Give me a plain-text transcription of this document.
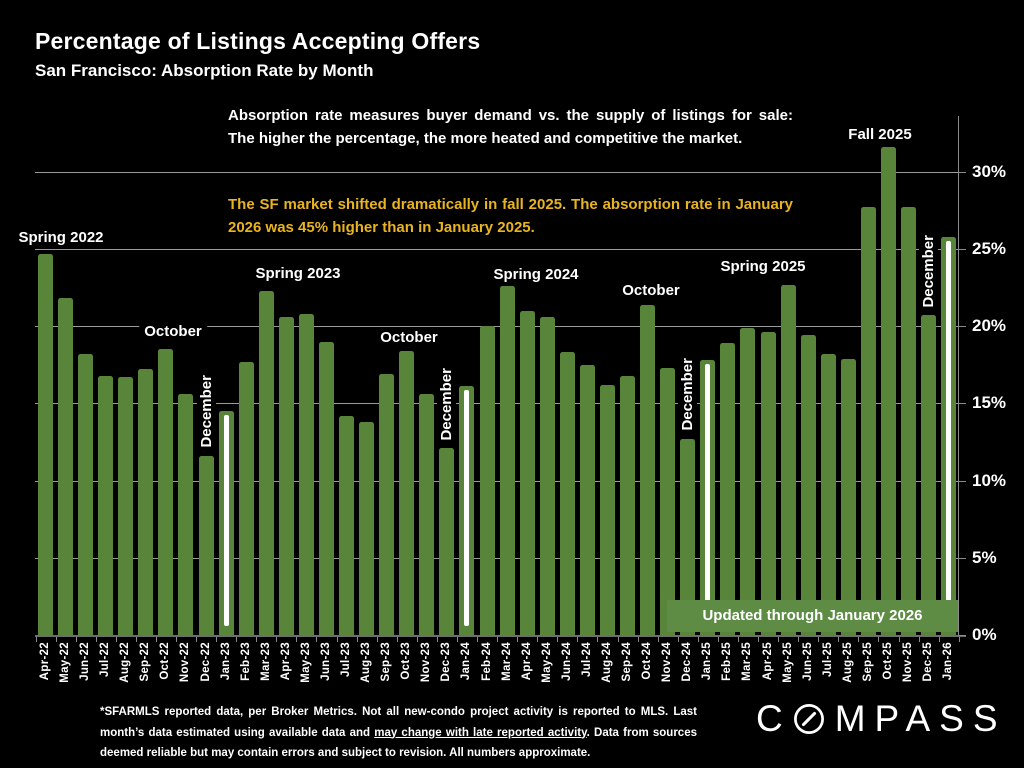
Percentage of Listings Accepting Offers
San Francisco: Absorption Rate by Month
Absorption rate measures buyer demand vs. the supply of listings for sale: The higher the percentage, the more heated and competitive the market.
The SF market shifted dramatically in fall 2025. The absorption rate in January 2026 was 45% higher than in January 2025.
Apr-22 May-22 Jun-22 Jul-22 Aug-22 Sep-22 Oct-22 Nov-22 Dec-22 Jan-23 Feb-23 Mar-23 Apr-23 May-23 Jun-23 Jul-23 Aug-23 Sep-23 Oct-23 Nov-23 Dec-23 Jan-24 Feb-24 Mar-24 Apr-24 May-24 Jun-24 Jul-24 Aug-24 Sep-24 Oct-24 Nov-24 Dec-24 Jan-25 Feb-25 Mar-25 Apr-25 May-25 Jun-25 Jul-25 Aug-25 Sep-25 Oct-25 Nov-25 Dec-25 Jan-26
Updated through January 2026
Spring 2022
October
Spring 2023
October
Spring 2024
October
Spring 2025
Fall 2025
December	December	December
December
*SFARMLS reported data, per Broker Metrics. Not all new-condo project activity is reported to MLS. Last month’s data estimated using available data and may change with late reported activity. Data from sources deemed reliable but may contain errors and subject to revision. All numbers approximate.
C MPASS
0%
5%
10%
15%
20%
25%
30%
